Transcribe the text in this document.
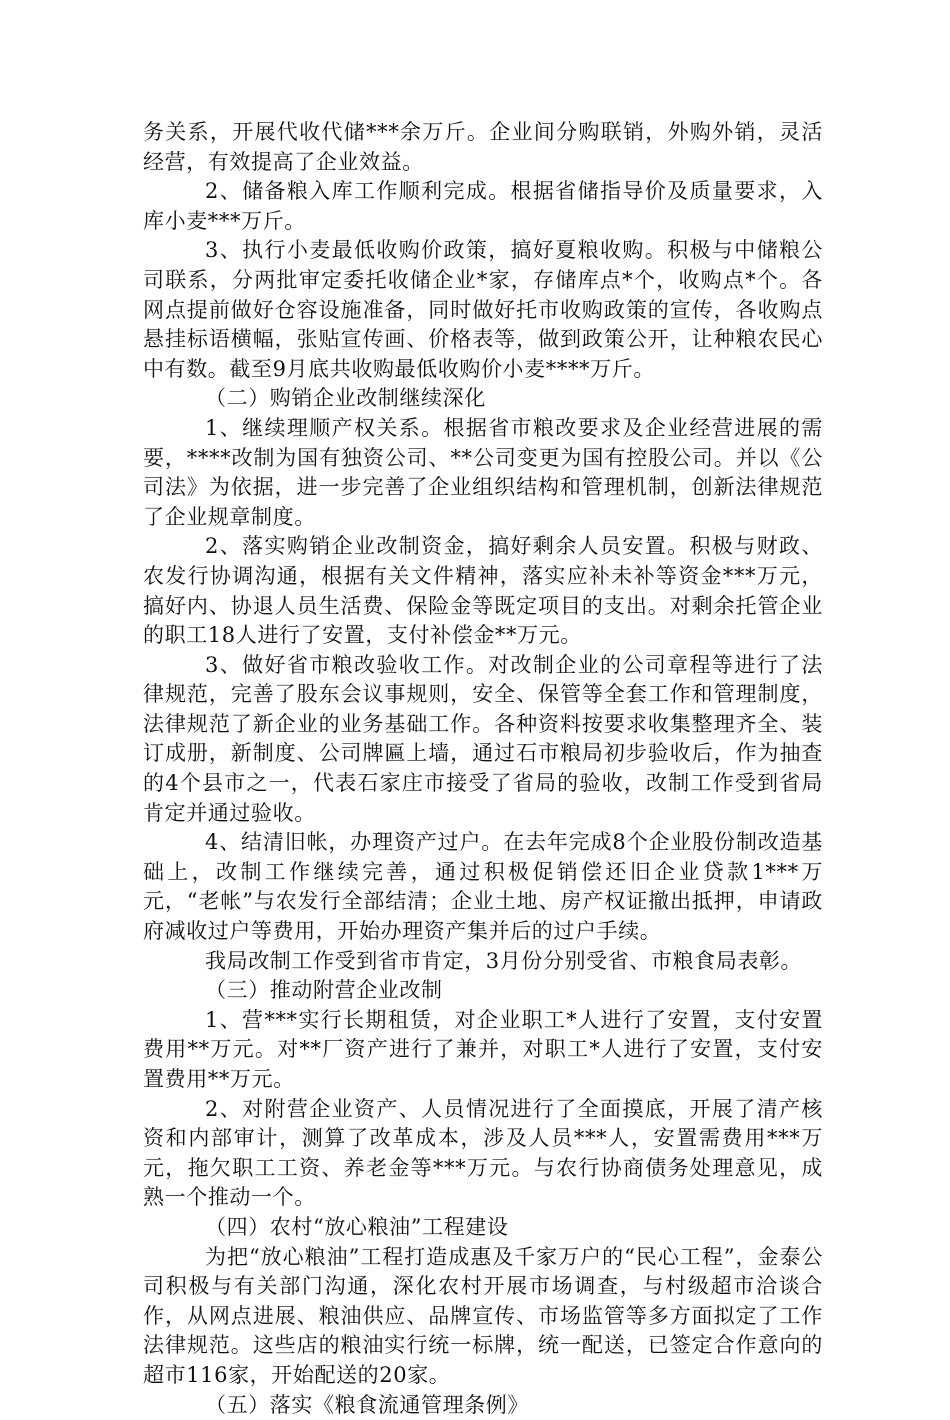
务关系，开展代收代储***余万斤。企业间分购联销，外购外销，灵活经营，有效提高了企业效益。

2、储备粮入库工作顺利完成。根据省储指导价及质量要求，入库小麦***万斤。

3、执行小麦最低收购价政策，搞好夏粮收购。积极与中储粮公司联系，分两批审定委托收储企业*家，存储库点*个，收购点*个。各网点提前做好仓容设施准备，同时做好托市收购政策的宣传，各收购点悬挂标语横幅，张贴宣传画、价格表等，做到政策公开，让种粮农民心中有数。截至9月底共收购最低收购价小麦****万斤。

（二）购销企业改制继续深化

1、继续理顺产权关系。根据省市粮改要求及企业经营进展的需要，****改制为国有独资公司、**公司变更为国有控股公司。并以《公司法》为依据，进一步完善了企业组织结构和管理机制，创新法律规范了企业规章制度。

2、落实购销企业改制资金，搞好剩余人员安置。积极与财政、农发行协调沟通，根据有关文件精神，落实应补未补等资金***万元，搞好内、协退人员生活费、保险金等既定项目的支出。对剩余托管企业的职工18人进行了安置，支付补偿金**万元。

3、做好省市粮改验收工作。对改制企业的公司章程等进行了法律规范，完善了股东会议事规则，安全、保管等全套工作和管理制度，法律规范了新企业的业务基础工作。各种资料按要求收集整理齐全、装订成册，新制度、公司牌匾上墙，通过石市粮局初步验收后，作为抽查的4个县市之一，代表石家庄市接受了省局的验收，改制工作受到省局肯定并通过验收。

4、结清旧帐，办理资产过户。在去年完成8个企业股份制改造基础上，改制工作继续完善，通过积极促销偿还旧企业贷款1***万元，“老帐”与农发行全部结清；企业土地、房产权证撤出抵押，申请政府减收过户等费用，开始办理资产集并后的过户手续。

我局改制工作受到省市肯定，3月份分别受省、市粮食局表彰。

（三）推动附营企业改制

1、营***实行长期租赁，对企业职工*人进行了安置，支付安置费用**万元。对**厂资产进行了兼并，对职工*人进行了安置，支付安置费用**万元。

2、对附营企业资产、人员情况进行了全面摸底，开展了清产核资和内部审计，测算了改革成本，涉及人员***人，安置需费用***万元，拖欠职工工资、养老金等***万元。与农行协商债务处理意见，成熟一个推动一个。

（四）农村“放心粮油”工程建设

为把“放心粮油”工程打造成惠及千家万户的“民心工程”，金泰公司积极与有关部门沟通，深化农村开展市场调查，与村级超市洽谈合作，从网点进展、粮油供应、品牌宣传、市场监管等多方面拟定了工作法律规范。这些店的粮油实行统一标牌，统一配送，已签定合作意向的超市116家，开始配送的20家。

（五）落实《粮食流通管理条例》
